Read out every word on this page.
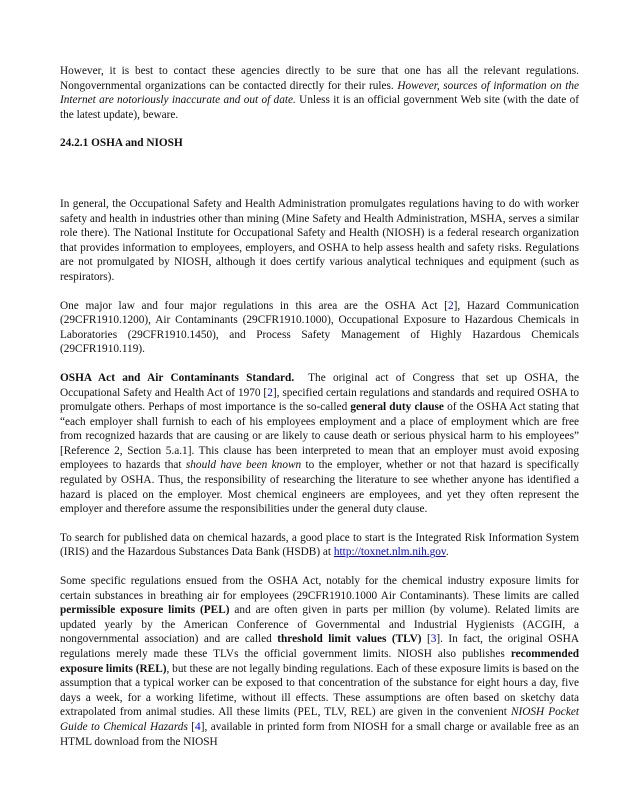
However, it is best to contact these agencies directly to be sure that one has all the relevant regulations. Nongovernmental organizations can be contacted directly for their rules. However, sources of information on the Internet are notoriously inaccurate and out of date. Unless it is an official government Web site (with the date of the latest update), beware.

24.2.1 OSHA and NIOSH

In general, the Occupational Safety and Health Administration promulgates regulations having to do with worker safety and health in industries other than mining (Mine Safety and Health Administration, MSHA, serves a similar role there). The National Institute for Occupational Safety and Health (NIOSH) is a federal research organization that provides information to employees, employers, and OSHA to help assess health and safety risks. Regulations are not promulgated by NIOSH, although it does certify various analytical techniques and equipment (such as respirators).

One major law and four major regulations in this area are the OSHA Act [2], Hazard Communication (29CFR1910.1200), Air Contaminants (29CFR1910.1000), Occupational Exposure to Hazardous Chemicals in Laboratories (29CFR1910.1450), and Process Safety Management of Highly Hazardous Chemicals (29CFR1910.119).

OSHA Act and Air Contaminants Standard. The original act of Congress that set up OSHA, the Occupational Safety and Health Act of 1970 [2], specified certain regulations and standards and required OSHA to promulgate others. Perhaps of most importance is the so-called general duty clause of the OSHA Act stating that “each employer shall furnish to each of his employees employment and a place of employment which are free from recognized hazards that are causing or are likely to cause death or serious physical harm to his employees” [Reference 2, Section 5.a.1]. This clause has been interpreted to mean that an employer must avoid exposing employees to hazards that should have been known to the employer, whether or not that hazard is specifically regulated by OSHA. Thus, the responsibility of researching the literature to see whether anyone has identified a hazard is placed on the employer. Most chemical engineers are employees, and yet they often represent the employer and therefore assume the responsibilities under the general duty clause.

To search for published data on chemical hazards, a good place to start is the Integrated Risk Information System (IRIS) and the Hazardous Substances Data Bank (HSDB) at http://toxnet.nlm.nih.gov.

Some specific regulations ensued from the OSHA Act, notably for the chemical industry exposure limits for certain substances in breathing air for employees (29CFR1910.1000 Air Contaminants). These limits are called permissible exposure limits (PEL) and are often given in parts per million (by volume). Related limits are updated yearly by the American Conference of Governmental and Industrial Hygienists (ACGIH, a nongovernmental association) and are called threshold limit values (TLV) [3]. In fact, the original OSHA regulations merely made these TLVs the official government limits. NIOSH also publishes recommended exposure limits (REL), but these are not legally binding regulations. Each of these exposure limits is based on the assumption that a typical worker can be exposed to that concentration of the substance for eight hours a day, five days a week, for a working lifetime, without ill effects. These assumptions are often based on sketchy data extrapolated from animal studies. All these limits (PEL, TLV, REL) are given in the convenient NIOSH Pocket Guide to Chemical Hazards [4], available in printed form from NIOSH for a small charge or available free as an HTML download from the NIOSH
